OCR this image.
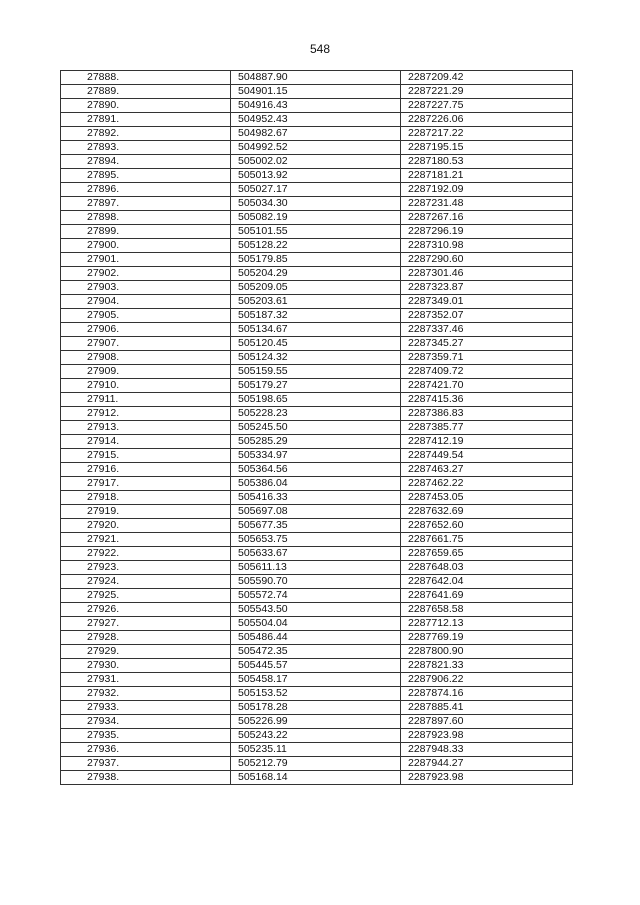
548
27888.	504887.90	2287209.42
27889.	504901.15	2287221.29
27890.	504916.43	2287227.75
27891.	504952.43	2287226.06
27892.	504982.67	2287217.22
27893.	504992.52	2287195.15
27894.	505002.02	2287180.53
27895.	505013.92	2287181.21
27896.	505027.17	2287192.09
27897.	505034.30	2287231.48
27898.	505082.19	2287267.16
27899.	505101.55	2287296.19
27900.	505128.22	2287310.98
27901.	505179.85	2287290.60
27902.	505204.29	2287301.46
27903.	505209.05	2287323.87
27904.	505203.61	2287349.01
27905.	505187.32	2287352.07
27906.	505134.67	2287337.46
27907.	505120.45	2287345.27
27908.	505124.32	2287359.71
27909.	505159.55	2287409.72
27910.	505179.27	2287421.70
27911.	505198.65	2287415.36
27912.	505228.23	2287386.83
27913.	505245.50	2287385.77
27914.	505285.29	2287412.19
27915.	505334.97	2287449.54
27916.	505364.56	2287463.27
27917.	505386.04	2287462.22
27918.	505416.33	2287453.05
27919.	505697.08	2287632.69
27920.	505677.35	2287652.60
27921.	505653.75	2287661.75
27922.	505633.67	2287659.65
27923.	505611.13	2287648.03
27924.	505590.70	2287642.04
27925.	505572.74	2287641.69
27926.	505543.50	2287658.58
27927.	505504.04	2287712.13
27928.	505486.44	2287769.19
27929.	505472.35	2287800.90
27930.	505445.57	2287821.33
27931.	505458.17	2287906.22
27932.	505153.52	2287874.16
27933.	505178.28	2287885.41
27934.	505226.99	2287897.60
27935.	505243.22	2287923.98
27936.	505235.11	2287948.33
27937.	505212.79	2287944.27
27938.	505168.14	2287923.98
